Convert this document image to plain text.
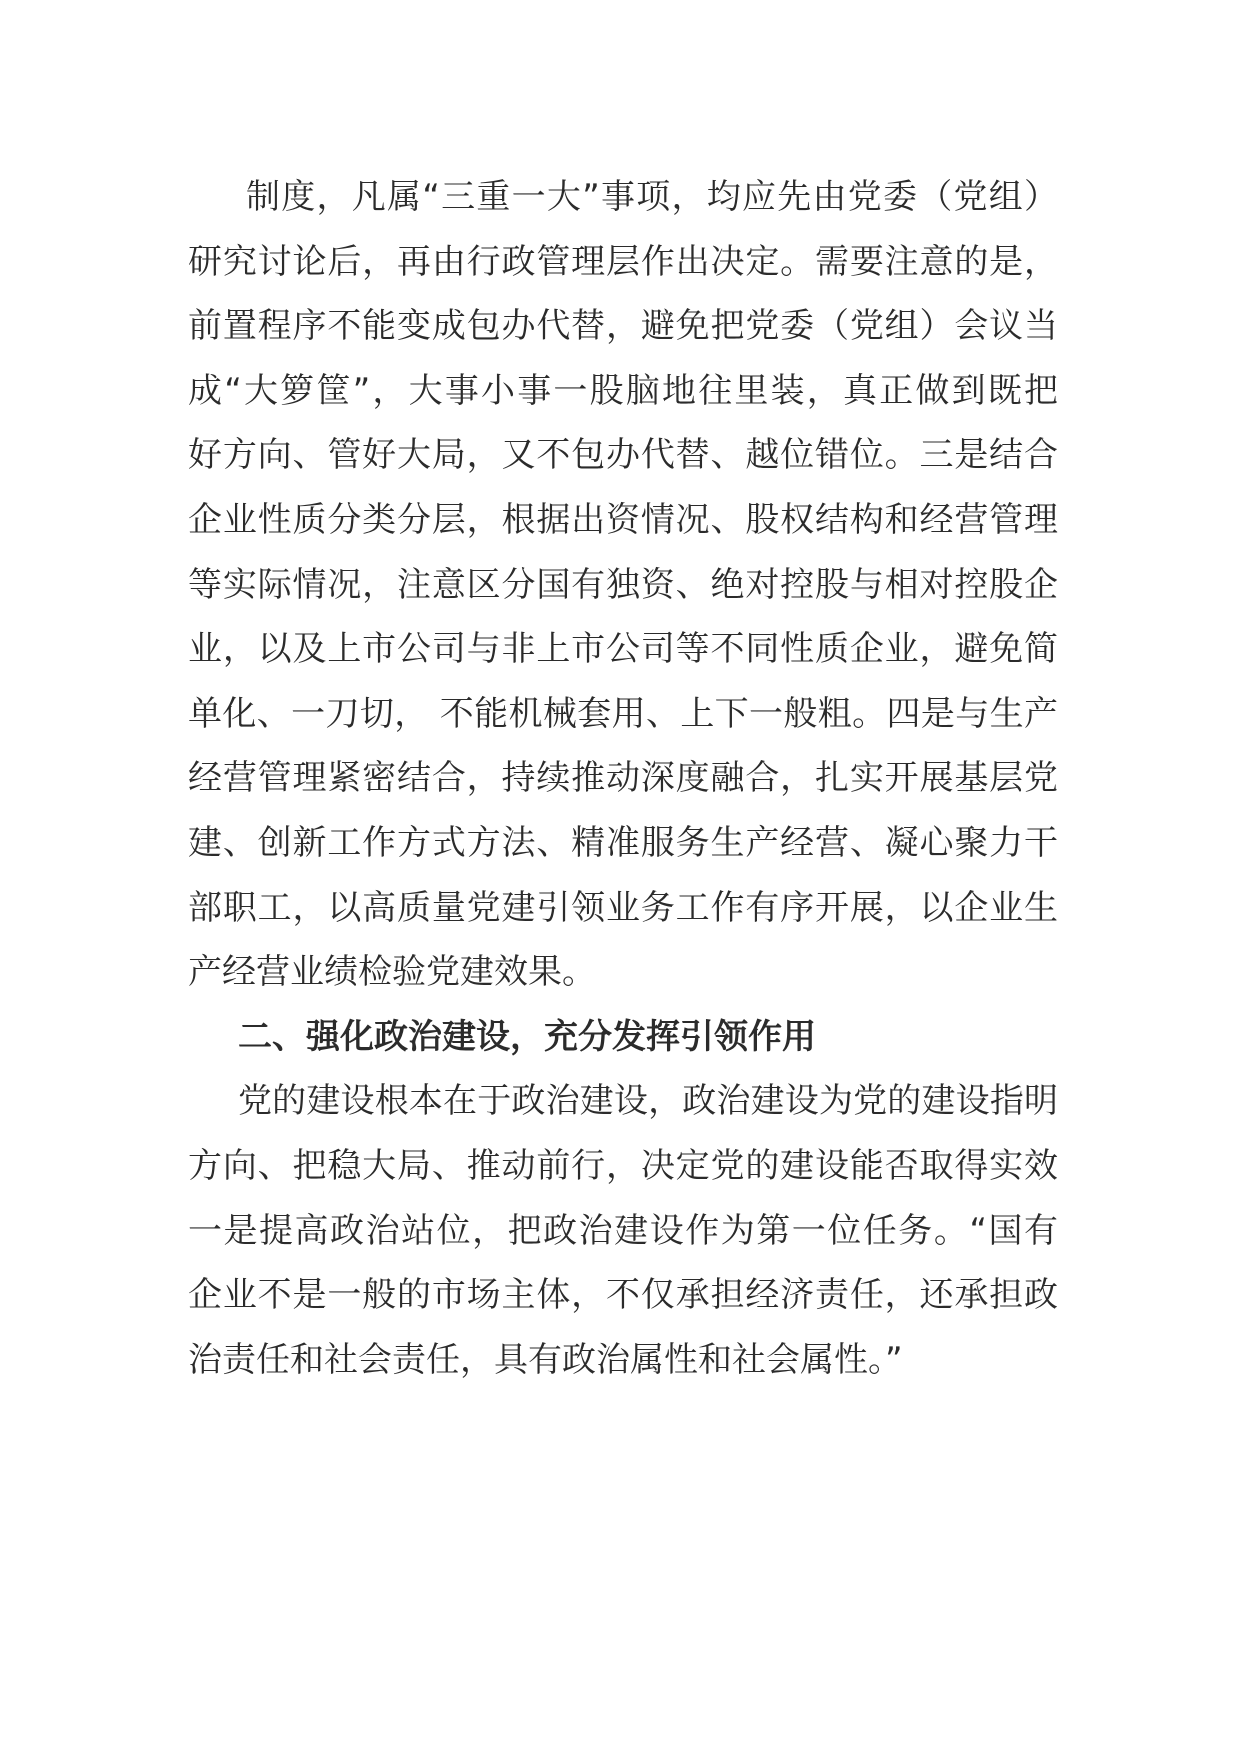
制度，凡属“三重一大”事项，均应先由党委（党组）
研究讨论后，再由行政管理层作出决定。需要注意的是，
前置程序不能变成包办代替，避免把党委（党组）会议当
成“大箩筐”，大事小事一股脑地往里装，真正做到既把
好方向、管好大局，又不包办代替、越位错位。三是结合
企业性质分类分层，根据出资情况、股权结构和经营管理
等实际情况，注意区分国有独资、绝对控股与相对控股企
业，以及上市公司与非上市公司等不同性质企业，避免简
单化、一刀切， 不能机械套用、上下一般粗。四是与生产
经营管理紧密结合，持续推动深度融合，扎实开展基层党
建、创新工作方式方法、精准服务生产经营、凝心聚力干
部职工，以高质量党建引领业务工作有序开展，以企业生
产经营业绩检验党建效果。
二、强化政治建设，充分发挥引领作用
党的建设根本在于政治建设，政治建设为党的建设指明
方向、把稳大局、推动前行，决定党的建设能否取得实效
一是提高政治站位，把政治建设作为第一位任务。“国有
企业不是一般的市场主体，不仅承担经济责任，还承担政
治责任和社会责任，具有政治属性和社会属性。”
